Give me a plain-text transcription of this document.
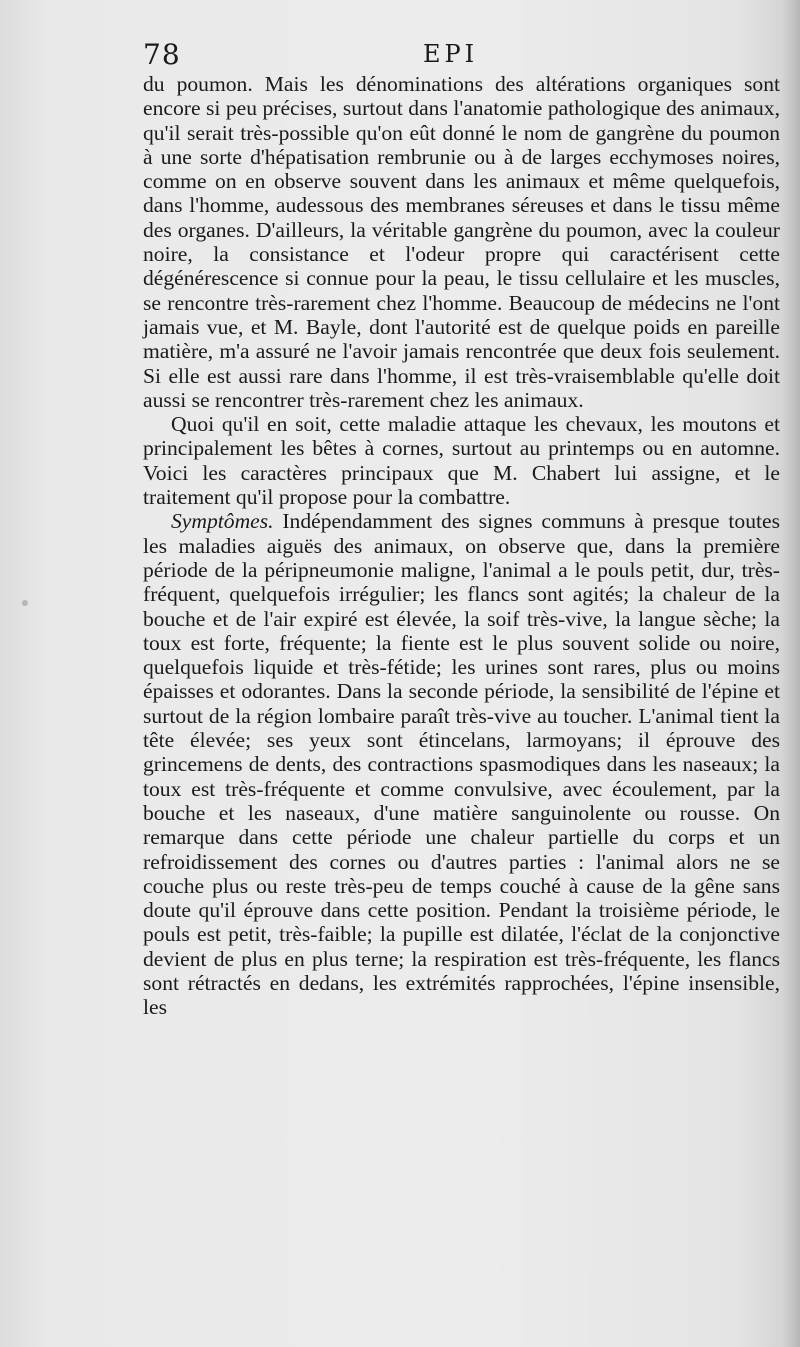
78	EPI

du poumon. Mais les dénominations des altérations organiques sont encore si peu précises, surtout dans l'anatomie pathologique des animaux, qu'il serait très-possible qu'on eût donné le nom de gangrène du poumon à une sorte d'hépatisation rembrunie ou à de larges ecchymoses noires, comme on en observe souvent dans les animaux et même quelquefois, dans l'homme, audessous des membranes séreuses et dans le tissu même des organes. D'ailleurs, la véritable gangrène du poumon, avec la couleur noire, la consistance et l'odeur propre qui caractérisent cette dégénérescence si connue pour la peau, le tissu cellulaire et les muscles, se rencontre très-rarement chez l'homme. Beaucoup de médecins ne l'ont jamais vue, et M. Bayle, dont l'autorité est de quelque poids en pareille matière, m'a assuré ne l'avoir jamais rencontrée que deux fois seulement. Si elle est aussi rare dans l'homme, il est très-vraisemblable qu'elle doit aussi se rencontrer très-rarement chez les animaux.

Quoi qu'il en soit, cette maladie attaque les chevaux, les moutons et principalement les bêtes à cornes, surtout au printemps ou en automne. Voici les caractères principaux que M. Chabert lui assigne, et le traitement qu'il propose pour la combattre.

Symptômes. Indépendamment des signes communs à presque toutes les maladies aiguës des animaux, on observe que, dans la première période de la péripneumonie maligne, l'animal a le pouls petit, dur, très-fréquent, quelquefois irrégulier; les flancs sont agités; la chaleur de la bouche et de l'air expiré est élevée, la soif très-vive, la langue sèche; la toux est forte, fréquente; la fiente est le plus souvent solide ou noire, quelquefois liquide et très-fétide; les urines sont rares, plus ou moins épaisses et odorantes. Dans la seconde période, la sensibilité de l'épine et surtout de la région lombaire paraît très-vive au toucher. L'animal tient la tête élevée; ses yeux sont étincelans, larmoyans; il éprouve des grincemens de dents, des contractions spasmodiques dans les naseaux; la toux est très-fréquente et comme convulsive, avec écoulement, par la bouche et les naseaux, d'une matière sanguinolente ou rousse. On remarque dans cette période une chaleur partielle du corps et un refroidissement des cornes ou d'autres parties : l'animal alors ne se couche plus ou reste très-peu de temps couché à cause de la gêne sans doute qu'il éprouve dans cette position. Pendant la troisième période, le pouls est petit, très-faible; la pupille est dilatée, l'éclat de la conjonctive devient de plus en plus terne; la respiration est très-fréquente, les flancs sont rétractés en dedans, les extrémités rapprochées, l'épine insensible, les
